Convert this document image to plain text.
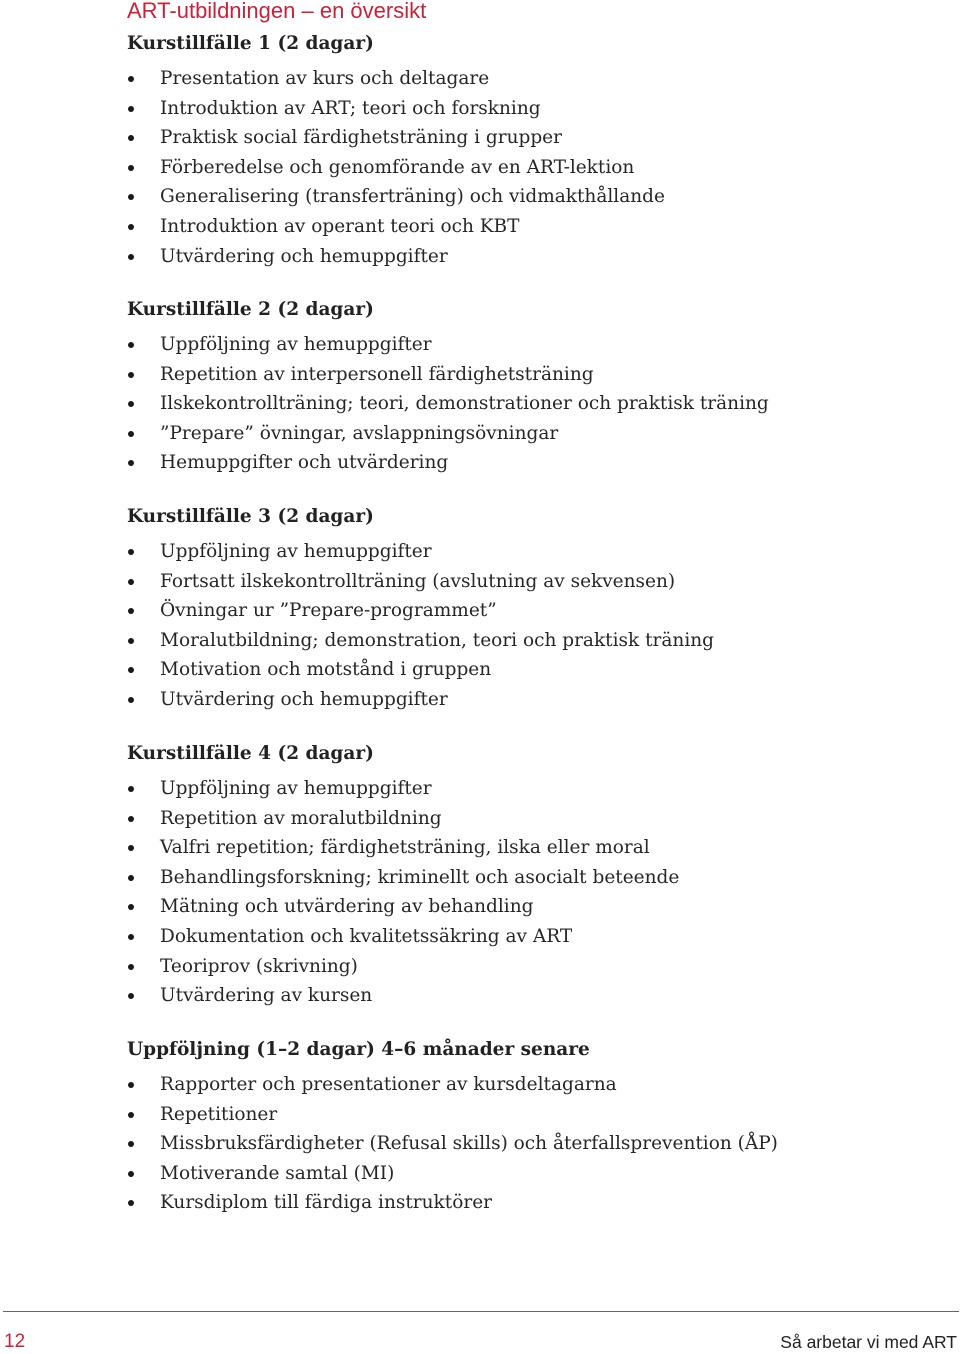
ART-utbildningen – en översikt
Kurstillfälle 1 (2 dagar)
Presentation av kurs och deltagare
Introduktion av ART; teori och forskning
Praktisk social färdighetsträning i grupper
Förberedelse och genomförande av en ART-lektion
Generalisering (transferträning) och vidmakthållande
Introduktion av operant teori och KBT
Utvärdering och hemuppgifter
Kurstillfälle 2 (2 dagar)
Uppföljning av hemuppgifter
Repetition av interpersonell färdighetsträning
Ilskekontrollträning; teori, demonstrationer och praktisk träning
”Prepare” övningar, avslappningsövningar
Hemuppgifter och utvärdering
Kurstillfälle 3 (2 dagar)
Uppföljning av hemuppgifter
Fortsatt ilskekontrollträning (avslutning av sekvensen)
Övningar ur ”Prepare-programmet”
Moralutbildning; demonstration, teori och praktisk träning
Motivation och motstånd i gruppen
Utvärdering och hemuppgifter
Kurstillfälle 4 (2 dagar)
Uppföljning av hemuppgifter
Repetition av moralutbildning
Valfri repetition; färdighetsträning, ilska eller moral
Behandlingsforskning; kriminellt och asocialt beteende
Mätning och utvärdering av behandling
Dokumentation och kvalitetssäkring av ART
Teoriprov (skrivning)
Utvärdering av kursen
Uppföljning (1–2 dagar) 4–6 månader senare
Rapporter och presentationer av kursdeltagarna
Repetitioner
Missbruksfärdigheter (Refusal skills) och återfallsprevention (ÅP)
Motiverande samtal (MI)
Kursdiplom till färdiga instruktörer
12	Så arbetar vi med ART
